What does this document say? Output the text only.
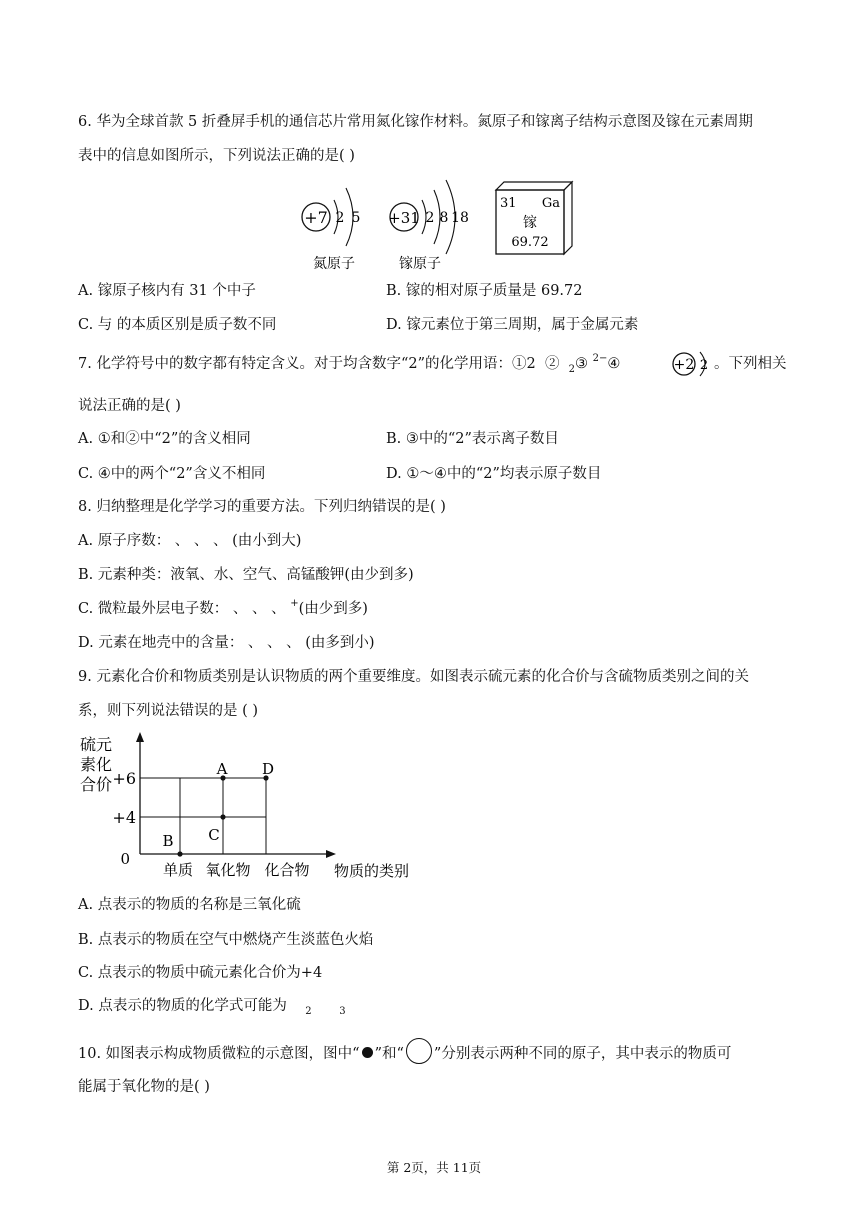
6. 华为全球首款 5 折叠屏手机的通信芯片常用氮化镓作材料。氮原子和镓离子结构示意图及镓在元素周期
表中的信息如图所示，下列说法正确的是( )
+7 2 5
氮原子
+31 2 8 18
镓原子
31 Ga
镓
69.72
A. 镓原子核内有 31 个中子	B. 镓的相对原子质量是 69.72
C. 与 的本质区别是质子数不同	D. 镓元素位于第三周期，属于金属元素
7. 化学符号中的数字都有特定含义。对于均含数字“2”的化学用语：①2 ② $_2$③ $^{2-}$④	+2 2 。下列相关
说法正确的是( )
A. ①和②中“2”的含义相同	B. ③中的“2”表示离子数目
C. ④中的两个“2”含义不相同	D. ①～④中的“2”均表示原子数目
8. 归纳整理是化学学习的重要方法。下列归纳错误的是( )
A. 原子序数： 、 、 、 (由小到大)
B. 元素种类：液氧、水、空气、高锰酸钾(由少到多)
C. 微粒最外层电子数： 、 、 、 +(由少到多)
D. 元素在地壳中的含量： 、 、 、 (由多到小)
9. 元素化合价和物质类别是认识物质的两个重要维度。如图表示硫元素的化合价与含硫物质类别之间的关
系，则下列说法错误的是 ( )
硫元
素化
合价 +6
+4
0
单质 氧化物 化合物 物质的类别
A D
C
B
A. 点表示的物质的名称是三氧化硫
B. 点表示的物质在空气中燃烧产生淡蓝色火焰
C. 点表示的物质中硫元素化合价为+4
D. 点表示的物质的化学式可能为 $_2$	$_3$
10. 如图表示构成物质微粒的示意图，图中“ ”和“ ”分别表示两种不同的原子，其中表示的物质可
能属于氧化物的是( )
第 2页，共 11页
